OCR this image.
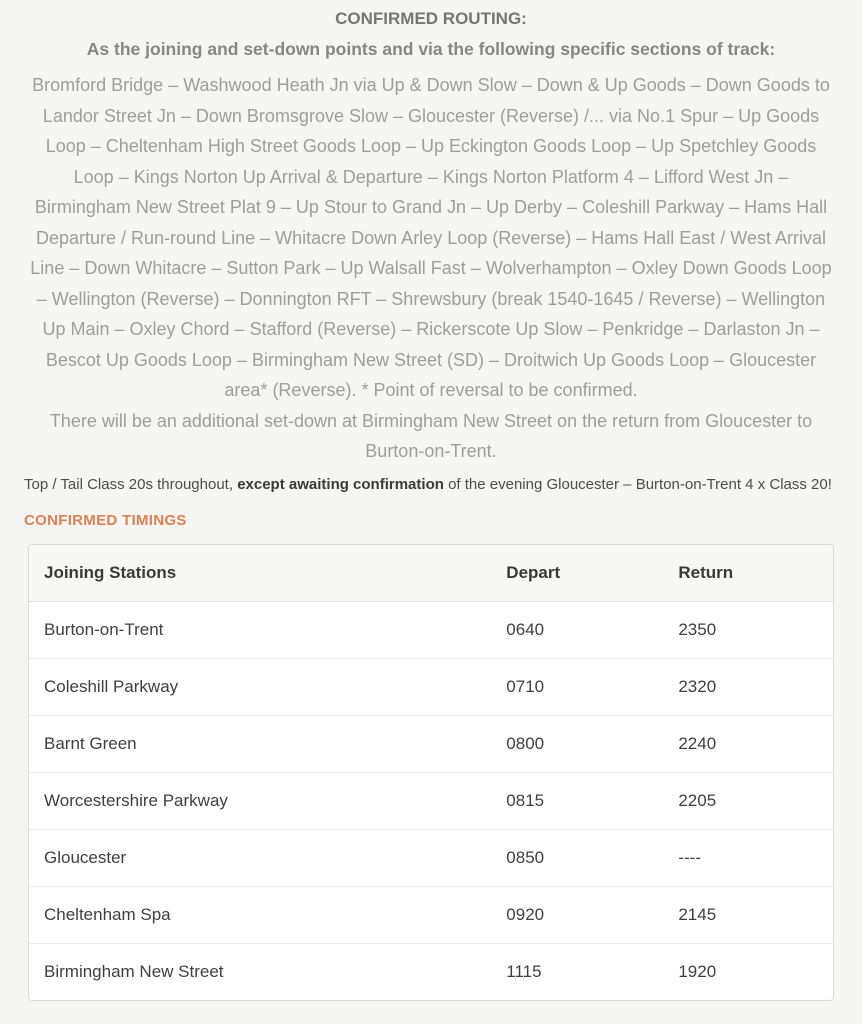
CONFIRMED ROUTING:

As the joining and set-down points and via the following specific sections of track:

Bromford Bridge – Washwood Heath Jn via Up & Down Slow – Down & Up Goods – Down Goods to Landor Street Jn – Down Bromsgrove Slow – Gloucester (Reverse) /... via No.1 Spur – Up Goods Loop – Cheltenham High Street Goods Loop – Up Eckington Goods Loop – Up Spetchley Goods Loop – Kings Norton Up Arrival & Departure – Kings Norton Platform 4 – Lifford West Jn – Birmingham New Street Plat 9 – Up Stour to Grand Jn – Up Derby – Coleshill Parkway – Hams Hall Departure / Run-round Line – Whitacre Down Arley Loop (Reverse) – Hams Hall East / West Arrival Line – Down Whitacre – Sutton Park – Up Walsall Fast – Wolverhampton – Oxley Down Goods Loop – Wellington (Reverse) – Donnington RFT – Shrewsbury (break 1540-1645 / Reverse) – Wellington Up Main – Oxley Chord – Stafford (Reverse) – Rickerscote Up Slow – Penkridge – Darlaston Jn – Bescot Up Goods Loop – Birmingham New Street (SD) – Droitwich Up Goods Loop – Gloucester area* (Reverse). * Point of reversal to be confirmed.

There will be an additional set-down at Birmingham New Street on the return from Gloucester to Burton-on-Trent.

Top / Tail Class 20s throughout, except awaiting confirmation of the evening Gloucester – Burton-on-Trent 4 x Class 20!

CONFIRMED TIMINGS
Joining Stations	Depart	Return
Burton-on-Trent	0640	2350
Coleshill Parkway	0710	2320
Barnt Green	0800	2240
Worcestershire Parkway	0815	2205
Gloucester	0850	----
Cheltenham Spa	0920	2145
Birmingham New Street	1115	1920
